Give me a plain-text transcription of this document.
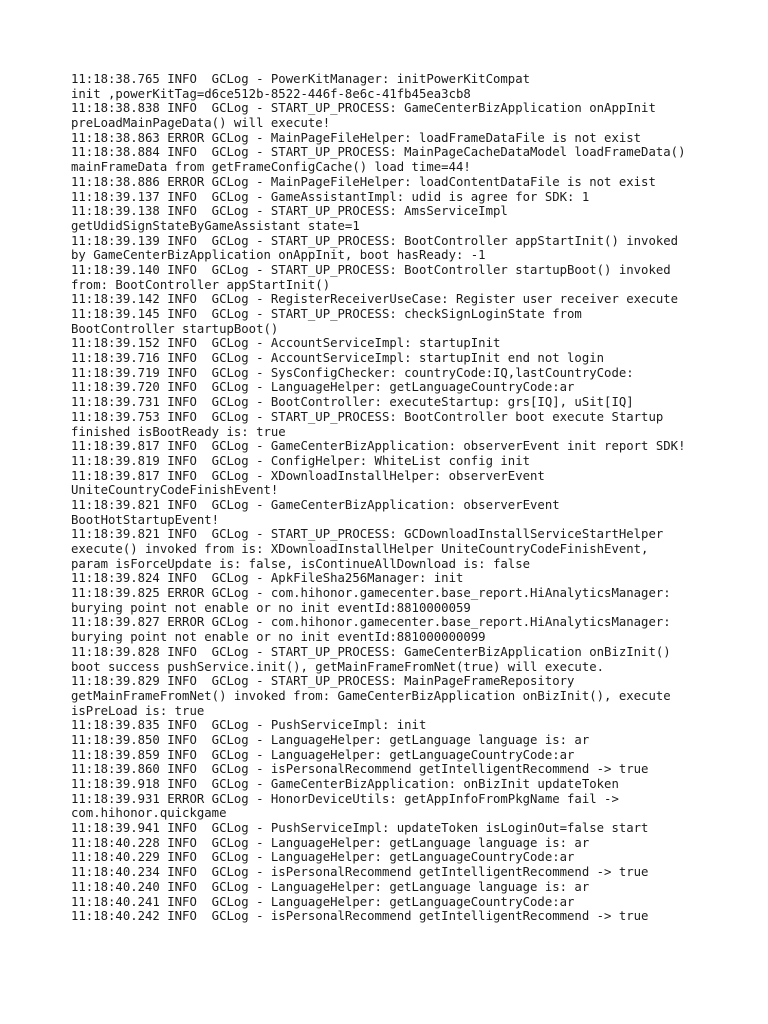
11:18:38.765 INFO  GCLog - PowerKitManager: initPowerKitCompat

init ,powerKitTag=d6ce512b-8522-446f-8e6c-41fb45ea3cb8

11:18:38.838 INFO  GCLog - START_UP_PROCESS: GameCenterBizApplication onAppInit

preLoadMainPageData() will execute!

11:18:38.863 ERROR GCLog - MainPageFileHelper: loadFrameDataFile is not exist

11:18:38.884 INFO  GCLog - START_UP_PROCESS: MainPageCacheDataModel loadFrameData()

mainFrameData from getFrameConfigCache() load time=44!

11:18:38.886 ERROR GCLog - MainPageFileHelper: loadContentDataFile is not exist

11:18:39.137 INFO  GCLog - GameAssistantImpl: udid is agree for SDK: 1

11:18:39.138 INFO  GCLog - START_UP_PROCESS: AmsServiceImpl

getUdidSignStateByGameAssistant state=1

11:18:39.139 INFO  GCLog - START_UP_PROCESS: BootController appStartInit() invoked

by GameCenterBizApplication onAppInit, boot hasReady: -1

11:18:39.140 INFO  GCLog - START_UP_PROCESS: BootController startupBoot() invoked

from: BootController appStartInit()

11:18:39.142 INFO  GCLog - RegisterReceiverUseCase: Register user receiver execute

11:18:39.145 INFO  GCLog - START_UP_PROCESS: checkSignLoginState from

BootController startupBoot()

11:18:39.152 INFO  GCLog - AccountServiceImpl: startupInit

11:18:39.716 INFO  GCLog - AccountServiceImpl: startupInit end not login

11:18:39.719 INFO  GCLog - SysConfigChecker: countryCode:IQ,lastCountryCode:

11:18:39.720 INFO  GCLog - LanguageHelper: getLanguageCountryCode:ar

11:18:39.731 INFO  GCLog - BootController: executeStartup: grs[IQ], uSit[IQ]

11:18:39.753 INFO  GCLog - START_UP_PROCESS: BootController boot execute Startup

finished isBootReady is: true

11:18:39.817 INFO  GCLog - GameCenterBizApplication: observerEvent init report SDK!

11:18:39.819 INFO  GCLog - ConfigHelper: WhiteList config init

11:18:39.817 INFO  GCLog - XDownloadInstallHelper: observerEvent

UniteCountryCodeFinishEvent!

11:18:39.821 INFO  GCLog - GameCenterBizApplication: observerEvent

BootHotStartupEvent!

11:18:39.821 INFO  GCLog - START_UP_PROCESS: GCDownloadInstallServiceStartHelper

execute() invoked from is: XDownloadInstallHelper UniteCountryCodeFinishEvent,

param isForceUpdate is: false, isContinueAllDownload is: false

11:18:39.824 INFO  GCLog - ApkFileSha256Manager: init

11:18:39.825 ERROR GCLog - com.hihonor.gamecenter.base_report.HiAnalyticsManager:

burying point not enable or no init eventId:8810000059

11:18:39.827 ERROR GCLog - com.hihonor.gamecenter.base_report.HiAnalyticsManager:

burying point not enable or no init eventId:881000000099

11:18:39.828 INFO  GCLog - START_UP_PROCESS: GameCenterBizApplication onBizInit()

boot success pushService.init(), getMainFrameFromNet(true) will execute.

11:18:39.829 INFO  GCLog - START_UP_PROCESS: MainPageFrameRepository

getMainFrameFromNet() invoked from: GameCenterBizApplication onBizInit(), execute

isPreLoad is: true

11:18:39.835 INFO  GCLog - PushServiceImpl: init

11:18:39.850 INFO  GCLog - LanguageHelper: getLanguage language is: ar

11:18:39.859 INFO  GCLog - LanguageHelper: getLanguageCountryCode:ar

11:18:39.860 INFO  GCLog - isPersonalRecommend getIntelligentRecommend -> true

11:18:39.918 INFO  GCLog - GameCenterBizApplication: onBizInit updateToken

11:18:39.931 ERROR GCLog - HonorDeviceUtils: getAppInfoFromPkgName fail ->

com.hihonor.quickgame

11:18:39.941 INFO  GCLog - PushServiceImpl: updateToken isLoginOut=false start

11:18:40.228 INFO  GCLog - LanguageHelper: getLanguage language is: ar

11:18:40.229 INFO  GCLog - LanguageHelper: getLanguageCountryCode:ar

11:18:40.234 INFO  GCLog - isPersonalRecommend getIntelligentRecommend -> true

11:18:40.240 INFO  GCLog - LanguageHelper: getLanguage language is: ar

11:18:40.241 INFO  GCLog - LanguageHelper: getLanguageCountryCode:ar

11:18:40.242 INFO  GCLog - isPersonalRecommend getIntelligentRecommend -> true
